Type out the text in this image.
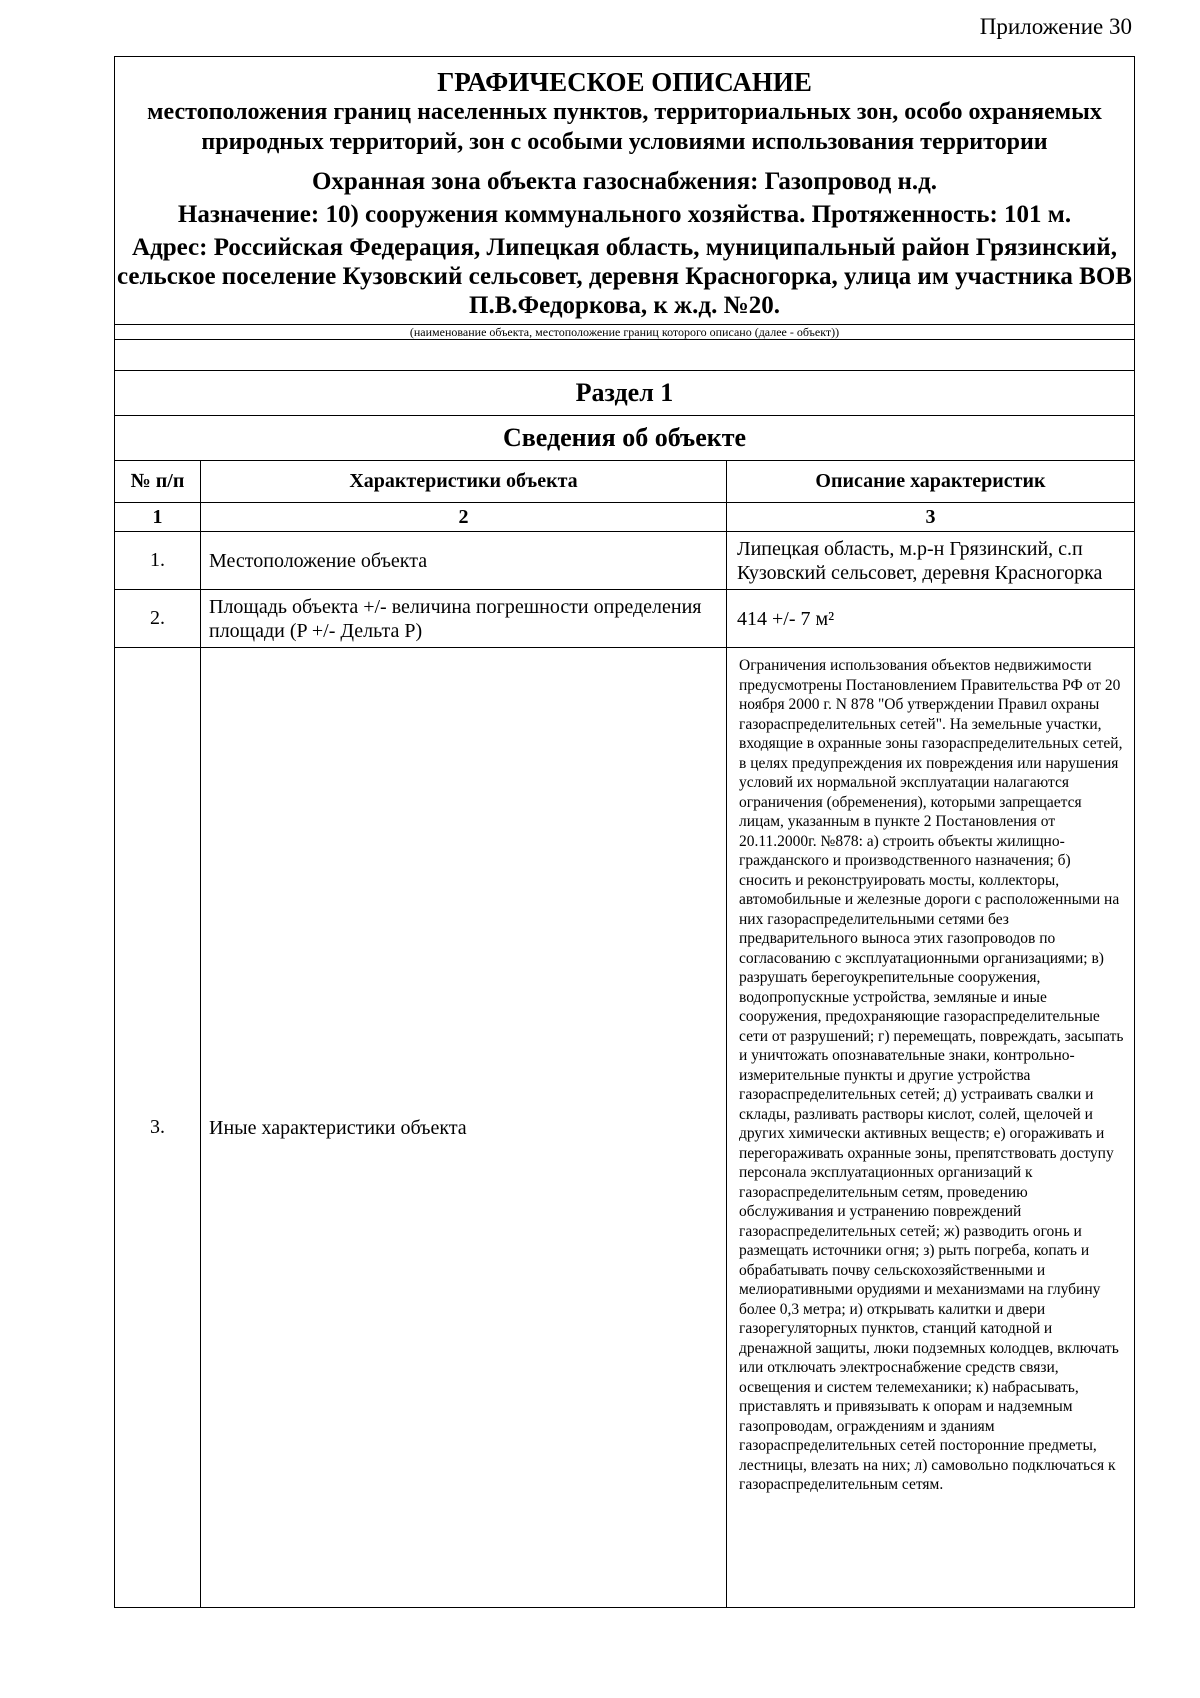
Приложение 30
ГРАФИЧЕСКОЕ ОПИСАНИЕ
местоположения границ населенных пунктов, территориальных зон, особо охраняемых природных территорий, зон с особыми условиями использования территории
Охранная зона объекта газоснабжения: Газопровод н.д.
Назначение: 10) сооружения коммунального хозяйства. Протяженность: 101 м.
Адрес: Российская Федерация, Липецкая область, муниципальный район Грязинский, сельское поселение Кузовский сельсовет, деревня Красногорка, улица им участника ВОВ П.В.Федоркова, к ж.д. №20.		

(наименование объекта, местоположение границ которого описано (далее - объект))		

Раздел 1		
Сведения об объекте		
№ п/п	Характеристики объекта	Описание характеристик
1	2	3
1.	Местоположение объекта	Липецкая область, м.р-н Грязинский, с.п Кузовский сельсовет, деревня Красногорка
2.	Площадь объекта +/- величина погрешности определения площади (P +/- Дельта P)	414 +/- 7 м²
3.	Иные характеристики объекта	Ограничения использования объектов недвижимости предусмотрены Постановлением Правительства РФ от 20 ноября 2000 г. N 878 "Об утверждении Правил охраны газораспределительных сетей". На земельные участки, входящие в охранные зоны газораспределительных сетей, в целях предупреждения их повреждения или нарушения условий их нормальной эксплуатации налагаются ограничения (обременения), которыми запрещается лицам, указанным в пункте 2 Постановления от 20.11.2000г. №878: а) строить объекты жилищно-гражданского и производственного назначения; б) сносить и реконструировать мосты, коллекторы, автомобильные и железные дороги с расположенными на них газораспределительными сетями без предварительного выноса этих газопроводов по согласованию с эксплуатационными организациями; в) разрушать берегоукрепительные сооружения, водопропускные устройства, земляные и иные сооружения, предохраняющие газораспределительные сети от разрушений; г) перемещать, повреждать, засыпать и уничтожать опознавательные знаки, контрольно-измерительные пункты и другие устройства газораспределительных сетей; д) устраивать свалки и склады, разливать растворы кислот, солей, щелочей и других химически активных веществ; е) огораживать и перегораживать охранные зоны, препятствовать доступу персонала эксплуатационных организаций к газораспределительным сетям, проведению обслуживания и устранению повреждений газораспределительных сетей; ж) разводить огонь и размещать источники огня; з) рыть погреба, копать и обрабатывать почву сельскохозяйственными и мелиоративными орудиями и механизмами на глубину более 0,3 метра; и) открывать калитки и двери газорегуляторных пунктов, станций катодной и дренажной защиты, люки подземных колодцев, включать или отключать электроснабжение средств связи, освещения и систем телемеханики; к) набрасывать, приставлять и привязывать к опорам и надземным газопроводам, ограждениям и зданиям газораспределительных сетей посторонние предметы, лестницы, влезать на них; л) самовольно подключаться к газораспределительным сетям.
